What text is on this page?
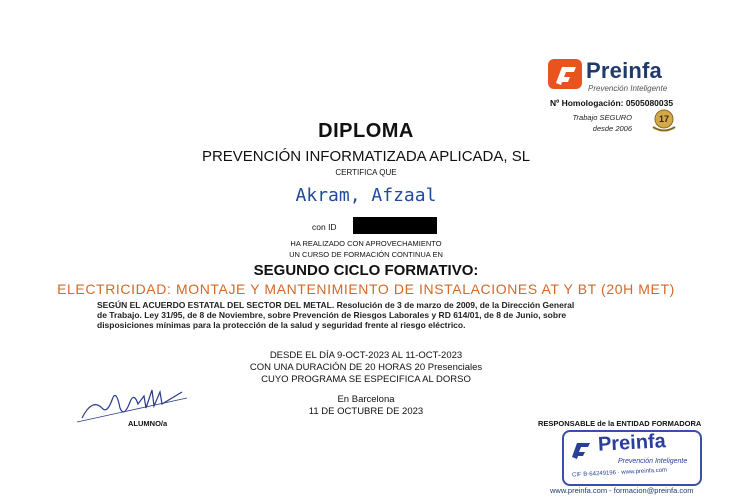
Preinfa
Prevención Inteligente
Nº Homologación: 0505080035
Trabajo SEGURO
desde 2006
17
DIPLOMA
PREVENCIÓN INFORMATIZADA APLICADA, SL
CERTIFICA QUE
Akram, Afzaal
con ID
HA REALIZADO CON APROVECHAMIENTO
UN CURSO DE FORMACIÓN CONTINUA EN
SEGUNDO CICLO FORMATIVO:
ELECTRICIDAD: MONTAJE Y MANTENIMIENTO DE INSTALACIONES AT Y BT (20H MET)
SEGÚN EL ACUERDO ESTATAL DEL SECTOR DEL METAL. Resolución de 3 de marzo de 2009, de la Dirección General
de Trabajo. Ley 31/95, de 8 de Noviembre, sobre Prevención de Riesgos Laborales y RD 614/01, de 8 de Junio, sobre
disposiciones mínimas para la protección de la salud y seguridad frente al riesgo eléctrico.
DESDE EL DÍA 9-OCT-2023 AL 11-OCT-2023
CON UNA DURACIÓN DE 20 HORAS 20 Presenciales
CUYO PROGRAMA SE ESPECIFICA AL DORSO
En Barcelona
11 DE OCTUBRE DE 2023
ALUMNO/a	RESPONSABLE de la ENTIDAD FORMADORA
Preinfa
Prevención Inteligente
CIF B-64249196 · www.preinfa.com
www.preinfa.com - formacion@preinfa.com
